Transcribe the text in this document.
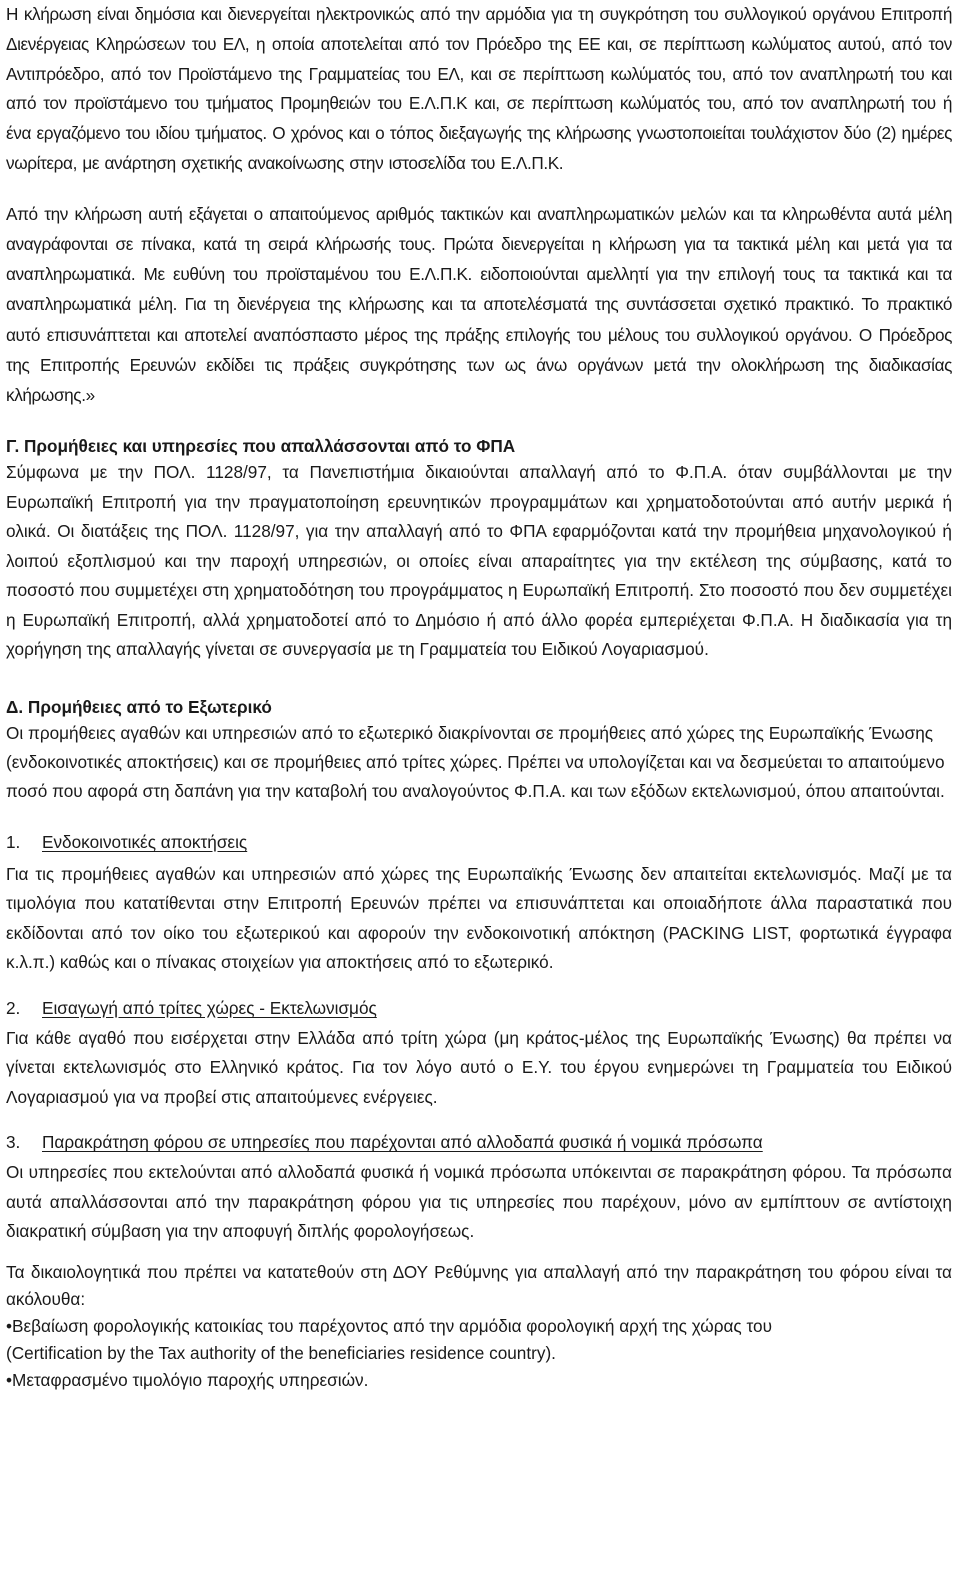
Η κλήρωση είναι δημόσια και διενεργείται ηλεκτρονικώς από την αρμόδια για τη συγκρότηση του συλλογικού οργάνου Επιτροπή Διενέργειας Κληρώσεων του ΕΛ, η οποία αποτελείται από τον Πρόεδρο της ΕΕ και, σε περίπτωση κωλύματος αυτού, από τον Αντιπρόεδρο, από τον Προϊστάμενο της Γραμματείας του ΕΛ, και σε περίπτωση κωλύματός του, από τον αναπληρωτή του και από τον προϊστάμενο του τμήματος Προμηθειών του Ε.Λ.Π.Κ και, σε περίπτωση κωλύματός του, από τον αναπληρωτή του ή ένα εργαζόμενο του ιδίου τμήματος. Ο χρόνος και ο τόπος διεξαγωγής της κλήρωσης γνωστοποιείται τουλάχιστον δύο (2) ημέρες νωρίτερα, με ανάρτηση σχετικής ανακοίνωσης στην ιστοσελίδα του Ε.Λ.Π.Κ.

Από την κλήρωση αυτή εξάγεται ο απαιτούμενος αριθμός τακτικών και αναπληρωματικών μελών και τα κληρωθέντα αυτά μέλη αναγράφονται σε πίνακα, κατά τη σειρά κλήρωσής τους. Πρώτα διενεργείται η κλήρωση για τα τακτικά μέλη και μετά για τα αναπληρωματικά. Με ευθύνη του προϊσταμένου του Ε.Λ.Π.Κ. ειδοποιούνται αμελλητί για την επιλογή τους τα τακτικά και τα αναπληρωματικά μέλη. Για τη διενέργεια της κλήρωσης και τα αποτελέσματά της συντάσσεται σχετικό πρακτικό. Το πρακτικό αυτό επισυνάπτεται και αποτελεί αναπόσπαστο μέρος της πράξης επιλογής του μέλους του συλλογικού οργάνου. Ο Πρόεδρος της Επιτροπής Ερευνών εκδίδει τις πράξεις συγκρότησης των ως άνω οργάνων μετά την ολοκλήρωση της διαδικασίας κλήρωσης.»

Γ. Προμήθειες και υπηρεσίες που απαλλάσσονται από το ΦΠΑ

Σύμφωνα με την ΠΟΛ. 1128/97, τα Πανεπιστήμια δικαιούνται απαλλαγή από το Φ.Π.Α. όταν συμβάλλονται με την Ευρωπαϊκή Επιτροπή για την πραγματοποίηση ερευνητικών προγραμμάτων και χρηματοδοτούνται από αυτήν μερικά ή ολικά. Οι διατάξεις της ΠΟΛ. 1128/97, για την απαλλαγή από το ΦΠΑ εφαρμόζονται κατά την προμήθεια μηχανολογικού ή λοιπού εξοπλισμού και την παροχή υπηρεσιών, οι οποίες είναι απαραίτητες για την εκτέλεση της σύμβασης, κατά το ποσοστό που συμμετέχει στη χρηματοδότηση του προγράμματος η Ευρωπαϊκή Επιτροπή. Στο ποσοστό που δεν συμμετέχει η Ευρωπαϊκή Επιτροπή, αλλά χρηματοδοτεί από το Δημόσιο ή από άλλο φορέα εμπεριέχεται Φ.Π.Α. Η διαδικασία για τη χορήγηση της απαλλαγής γίνεται σε συνεργασία με τη Γραμματεία του Ειδικού Λογαριασμού.

Δ. Προμήθειες από το Εξωτερικό

Οι προμήθειες αγαθών και υπηρεσιών από το εξωτερικό διακρίνονται σε προμήθειες από χώρες της Ευρωπαϊκής Ένωσης (ενδοκοινοτικές αποκτήσεις) και σε προμήθειες από τρίτες χώρες. Πρέπει να υπολογίζεται και να δεσμεύεται το απαιτούμενο ποσό που αφορά στη δαπάνη για την καταβολή του αναλογούντος Φ.Π.Α. και των εξόδων εκτελωνισμού, όπου απαιτούνται.

1. Ενδοκοινοτικές αποκτήσεις

Για τις προμήθειες αγαθών και υπηρεσιών από χώρες της Ευρωπαϊκής Ένωσης δεν απαιτείται εκτελωνισμός. Μαζί με τα τιμολόγια που κατατίθενται στην Επιτροπή Ερευνών πρέπει να επισυνάπτεται και οποιαδήποτε άλλα παραστατικά που εκδίδονται από τον οίκο του εξωτερικού και αφορούν την ενδοκοινοτική απόκτηση (PACKING LIST, φορτωτικά έγγραφα κ.λ.π.) καθώς και ο πίνακας στοιχείων για αποκτήσεις από το εξωτερικό.

2. Εισαγωγή από τρίτες χώρες - Εκτελωνισμός

Για κάθε αγαθό που εισέρχεται στην Ελλάδα από τρίτη χώρα (μη κράτος-μέλος της Ευρωπαϊκής Ένωσης) θα πρέπει να γίνεται εκτελωνισμός στο Ελληνικό κράτος. Για τον λόγο αυτό ο Ε.Υ. του έργου ενημερώνει τη Γραμματεία του Ειδικού Λογαριασμού για να προβεί στις απαιτούμενες ενέργειες.

3. Παρακράτηση φόρου σε υπηρεσίες που παρέχονται από αλλοδαπά φυσικά ή νομικά πρόσωπα

Οι υπηρεσίες που εκτελούνται από αλλοδαπά φυσικά ή νομικά πρόσωπα υπόκεινται σε παρακράτηση φόρου. Τα πρόσωπα αυτά απαλλάσσονται από την παρακράτηση φόρου για τις υπηρεσίες που παρέχουν, μόνο αν εμπίπτουν σε αντίστοιχη διακρατική σύμβαση για την αποφυγή διπλής φορολογήσεως.

Τα δικαιολογητικά που πρέπει να κατατεθούν στη ΔΟΥ Ρεθύμνης για απαλλαγή από την παρακράτηση του φόρου είναι τα ακόλουθα:

•Βεβαίωση φορολογικής κατοικίας του παρέχοντος από την αρμόδια φορολογική αρχή της χώρας του

(Certification by the Tax authority of the beneficiaries residence country).

•Μεταφρασμένο τιμολόγιο παροχής υπηρεσιών.
